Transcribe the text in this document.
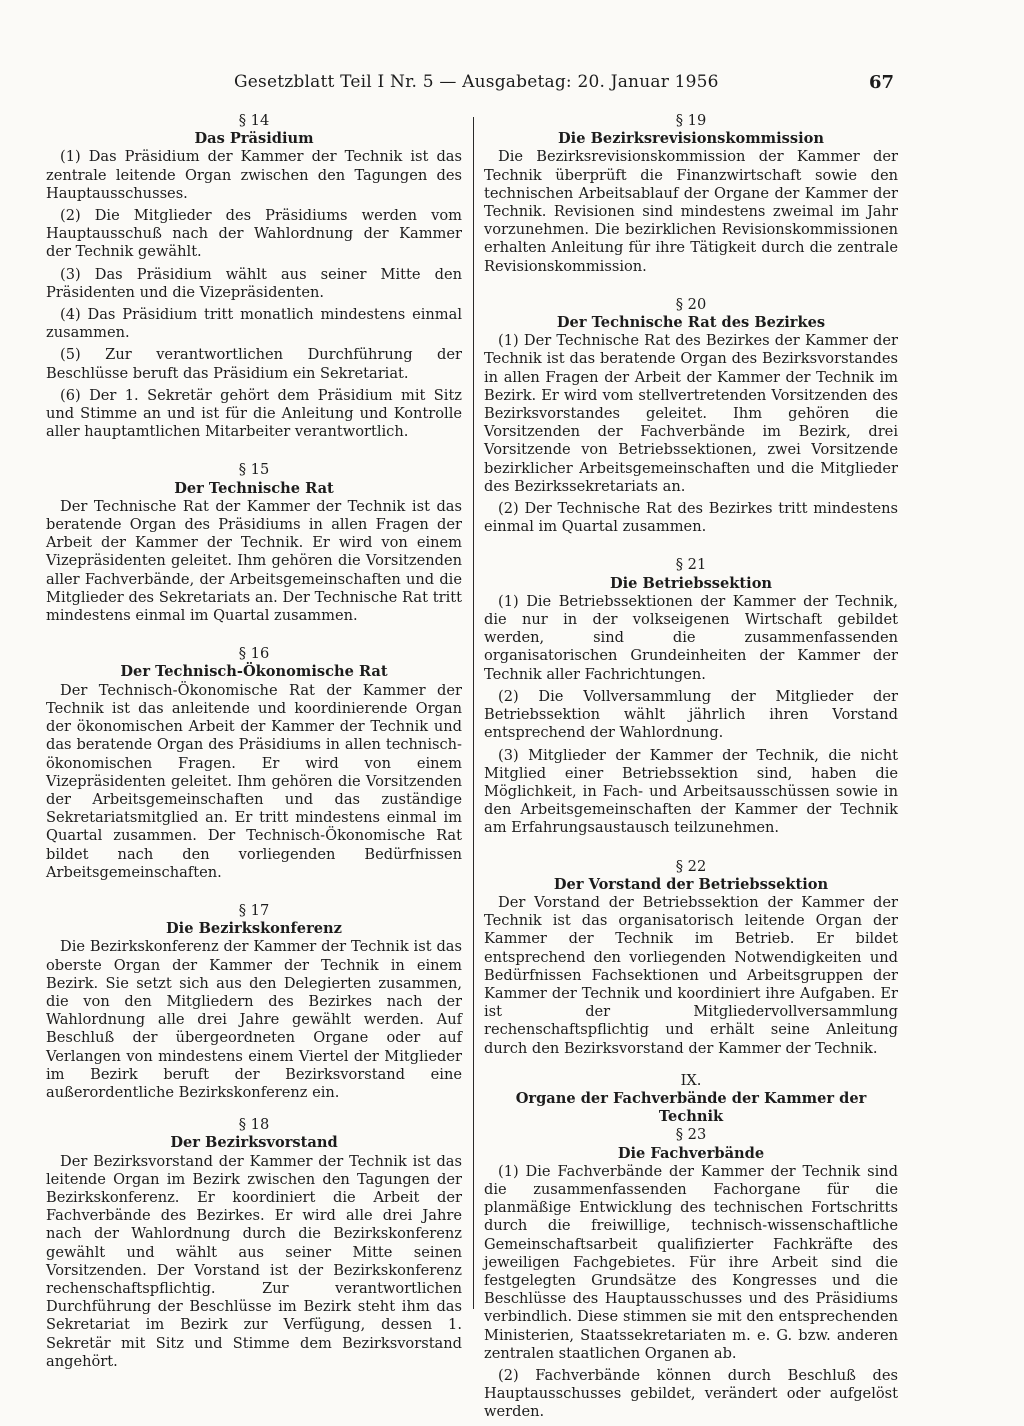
Gesetzblatt Teil I Nr. 5 — Ausgabetag: 20. Januar 1956	67

§ 14

Das Präsidium

(1) Das Präsidium der Kammer der Technik ist das zentrale leitende Organ zwischen den Tagungen des Hauptausschusses.

(2) Die Mitglieder des Präsidiums werden vom Hauptausschuß nach der Wahlordnung der Kammer der Technik gewählt.

(3) Das Präsidium wählt aus seiner Mitte den Präsidenten und die Vizepräsidenten.

(4) Das Präsidium tritt monatlich mindestens einmal zusammen.

(5) Zur verantwortlichen Durchführung der Beschlüsse beruft das Präsidium ein Sekretariat.

(6) Der 1. Sekretär gehört dem Präsidium mit Sitz und Stimme an und ist für die Anleitung und Kontrolle aller hauptamtlichen Mitarbeiter verantwortlich.

§ 15

Der Technische Rat

Der Technische Rat der Kammer der Technik ist das beratende Organ des Präsidiums in allen Fragen der Arbeit der Kammer der Technik. Er wird von einem Vizepräsidenten geleitet. Ihm gehören die Vorsitzenden aller Fachverbände, der Arbeitsgemeinschaften und die Mitglieder des Sekretariats an. Der Technische Rat tritt mindestens einmal im Quartal zusammen.

§ 16

Der Technisch-Ökonomische Rat

Der Technisch-Ökonomische Rat der Kammer der Technik ist das anleitende und koordinierende Organ der ökonomischen Arbeit der Kammer der Technik und das beratende Organ des Präsidiums in allen technisch-ökonomischen Fragen. Er wird von einem Vizepräsidenten geleitet. Ihm gehören die Vorsitzenden der Arbeitsgemeinschaften und das zuständige Sekretariatsmitglied an. Er tritt mindestens einmal im Quartal zusammen. Der Technisch-Ökonomische Rat bildet nach den vorliegenden Bedürfnissen Arbeitsgemeinschaften.

§ 17

Die Bezirkskonferenz

Die Bezirkskonferenz der Kammer der Technik ist das oberste Organ der Kammer der Technik in einem Bezirk. Sie setzt sich aus den Delegierten zusammen, die von den Mitgliedern des Bezirkes nach der Wahlordnung alle drei Jahre gewählt werden. Auf Beschluß der übergeordneten Organe oder auf Verlangen von mindestens einem Viertel der Mitglieder im Bezirk beruft der Bezirksvorstand eine außerordentliche Bezirkskonferenz ein.

§ 18

Der Bezirksvorstand

Der Bezirksvorstand der Kammer der Technik ist das leitende Organ im Bezirk zwischen den Tagungen der Bezirkskonferenz. Er koordiniert die Arbeit der Fachverbände des Bezirkes. Er wird alle drei Jahre nach der Wahlordnung durch die Bezirkskonferenz gewählt und wählt aus seiner Mitte seinen Vorsitzenden. Der Vorstand ist der Bezirkskonferenz rechenschaftspflichtig. Zur verantwortlichen Durchführung der Beschlüsse im Bezirk steht ihm das Sekretariat im Bezirk zur Verfügung, dessen 1. Sekretär mit Sitz und Stimme dem Bezirksvorstand angehört.

§ 19

Die Bezirksrevisionskommission

Die Bezirksrevisionskommission der Kammer der Technik überprüft die Finanzwirtschaft sowie den technischen Arbeitsablauf der Organe der Kammer der Technik. Revisionen sind mindestens zweimal im Jahr vorzunehmen. Die bezirklichen Revisionskommissionen erhalten Anleitung für ihre Tätigkeit durch die zentrale Revisionskommission.

§ 20

Der Technische Rat des Bezirkes

(1) Der Technische Rat des Bezirkes der Kammer der Technik ist das beratende Organ des Bezirksvorstandes in allen Fragen der Arbeit der Kammer der Technik im Bezirk. Er wird vom stellvertretenden Vorsitzenden des Bezirksvorstandes geleitet. Ihm gehören die Vorsitzenden der Fachverbände im Bezirk, drei Vorsitzende von Betriebssektionen, zwei Vorsitzende bezirklicher Arbeitsgemeinschaften und die Mitglieder des Bezirkssekretariats an.

(2) Der Technische Rat des Bezirkes tritt mindestens einmal im Quartal zusammen.

§ 21

Die Betriebssektion

(1) Die Betriebssektionen der Kammer der Technik, die nur in der volkseigenen Wirtschaft gebildet werden, sind die zusammenfassenden organisatorischen Grundeinheiten der Kammer der Technik aller Fachrichtungen.

(2) Die Vollversammlung der Mitglieder der Betriebssektion wählt jährlich ihren Vorstand entsprechend der Wahlordnung.

(3) Mitglieder der Kammer der Technik, die nicht Mitglied einer Betriebssektion sind, haben die Möglichkeit, in Fach- und Arbeitsausschüssen sowie in den Arbeitsgemeinschaften der Kammer der Technik am Erfahrungsaustausch teilzunehmen.

§ 22

Der Vorstand der Betriebssektion

Der Vorstand der Betriebssektion der Kammer der Technik ist das organisatorisch leitende Organ der Kammer der Technik im Betrieb. Er bildet entsprechend den vorliegenden Notwendigkeiten und Bedürfnissen Fachsektionen und Arbeitsgruppen der Kammer der Technik und koordiniert ihre Aufgaben. Er ist der Mitgliedervollversammlung rechenschaftspflichtig und erhält seine Anleitung durch den Bezirksvorstand der Kammer der Technik.

IX.

Organe der Fachverbände der Kammer der Technik

§ 23

Die Fachverbände

(1) Die Fachverbände der Kammer der Technik sind die zusammenfassenden Fachorgane für die planmäßige Entwicklung des technischen Fortschritts durch die freiwillige, technisch-wissenschaftliche Gemeinschaftsarbeit qualifizierter Fachkräfte des jeweiligen Fachgebietes. Für ihre Arbeit sind die festgelegten Grundsätze des Kongresses und die Beschlüsse des Hauptausschusses und des Präsidiums verbindlich. Diese stimmen sie mit den entsprechenden Ministerien, Staatssekretariaten m. e. G. bzw. anderen zentralen staatlichen Organen ab.

(2) Fachverbände können durch Beschluß des Hauptausschusses gebildet, verändert oder aufgelöst werden.
